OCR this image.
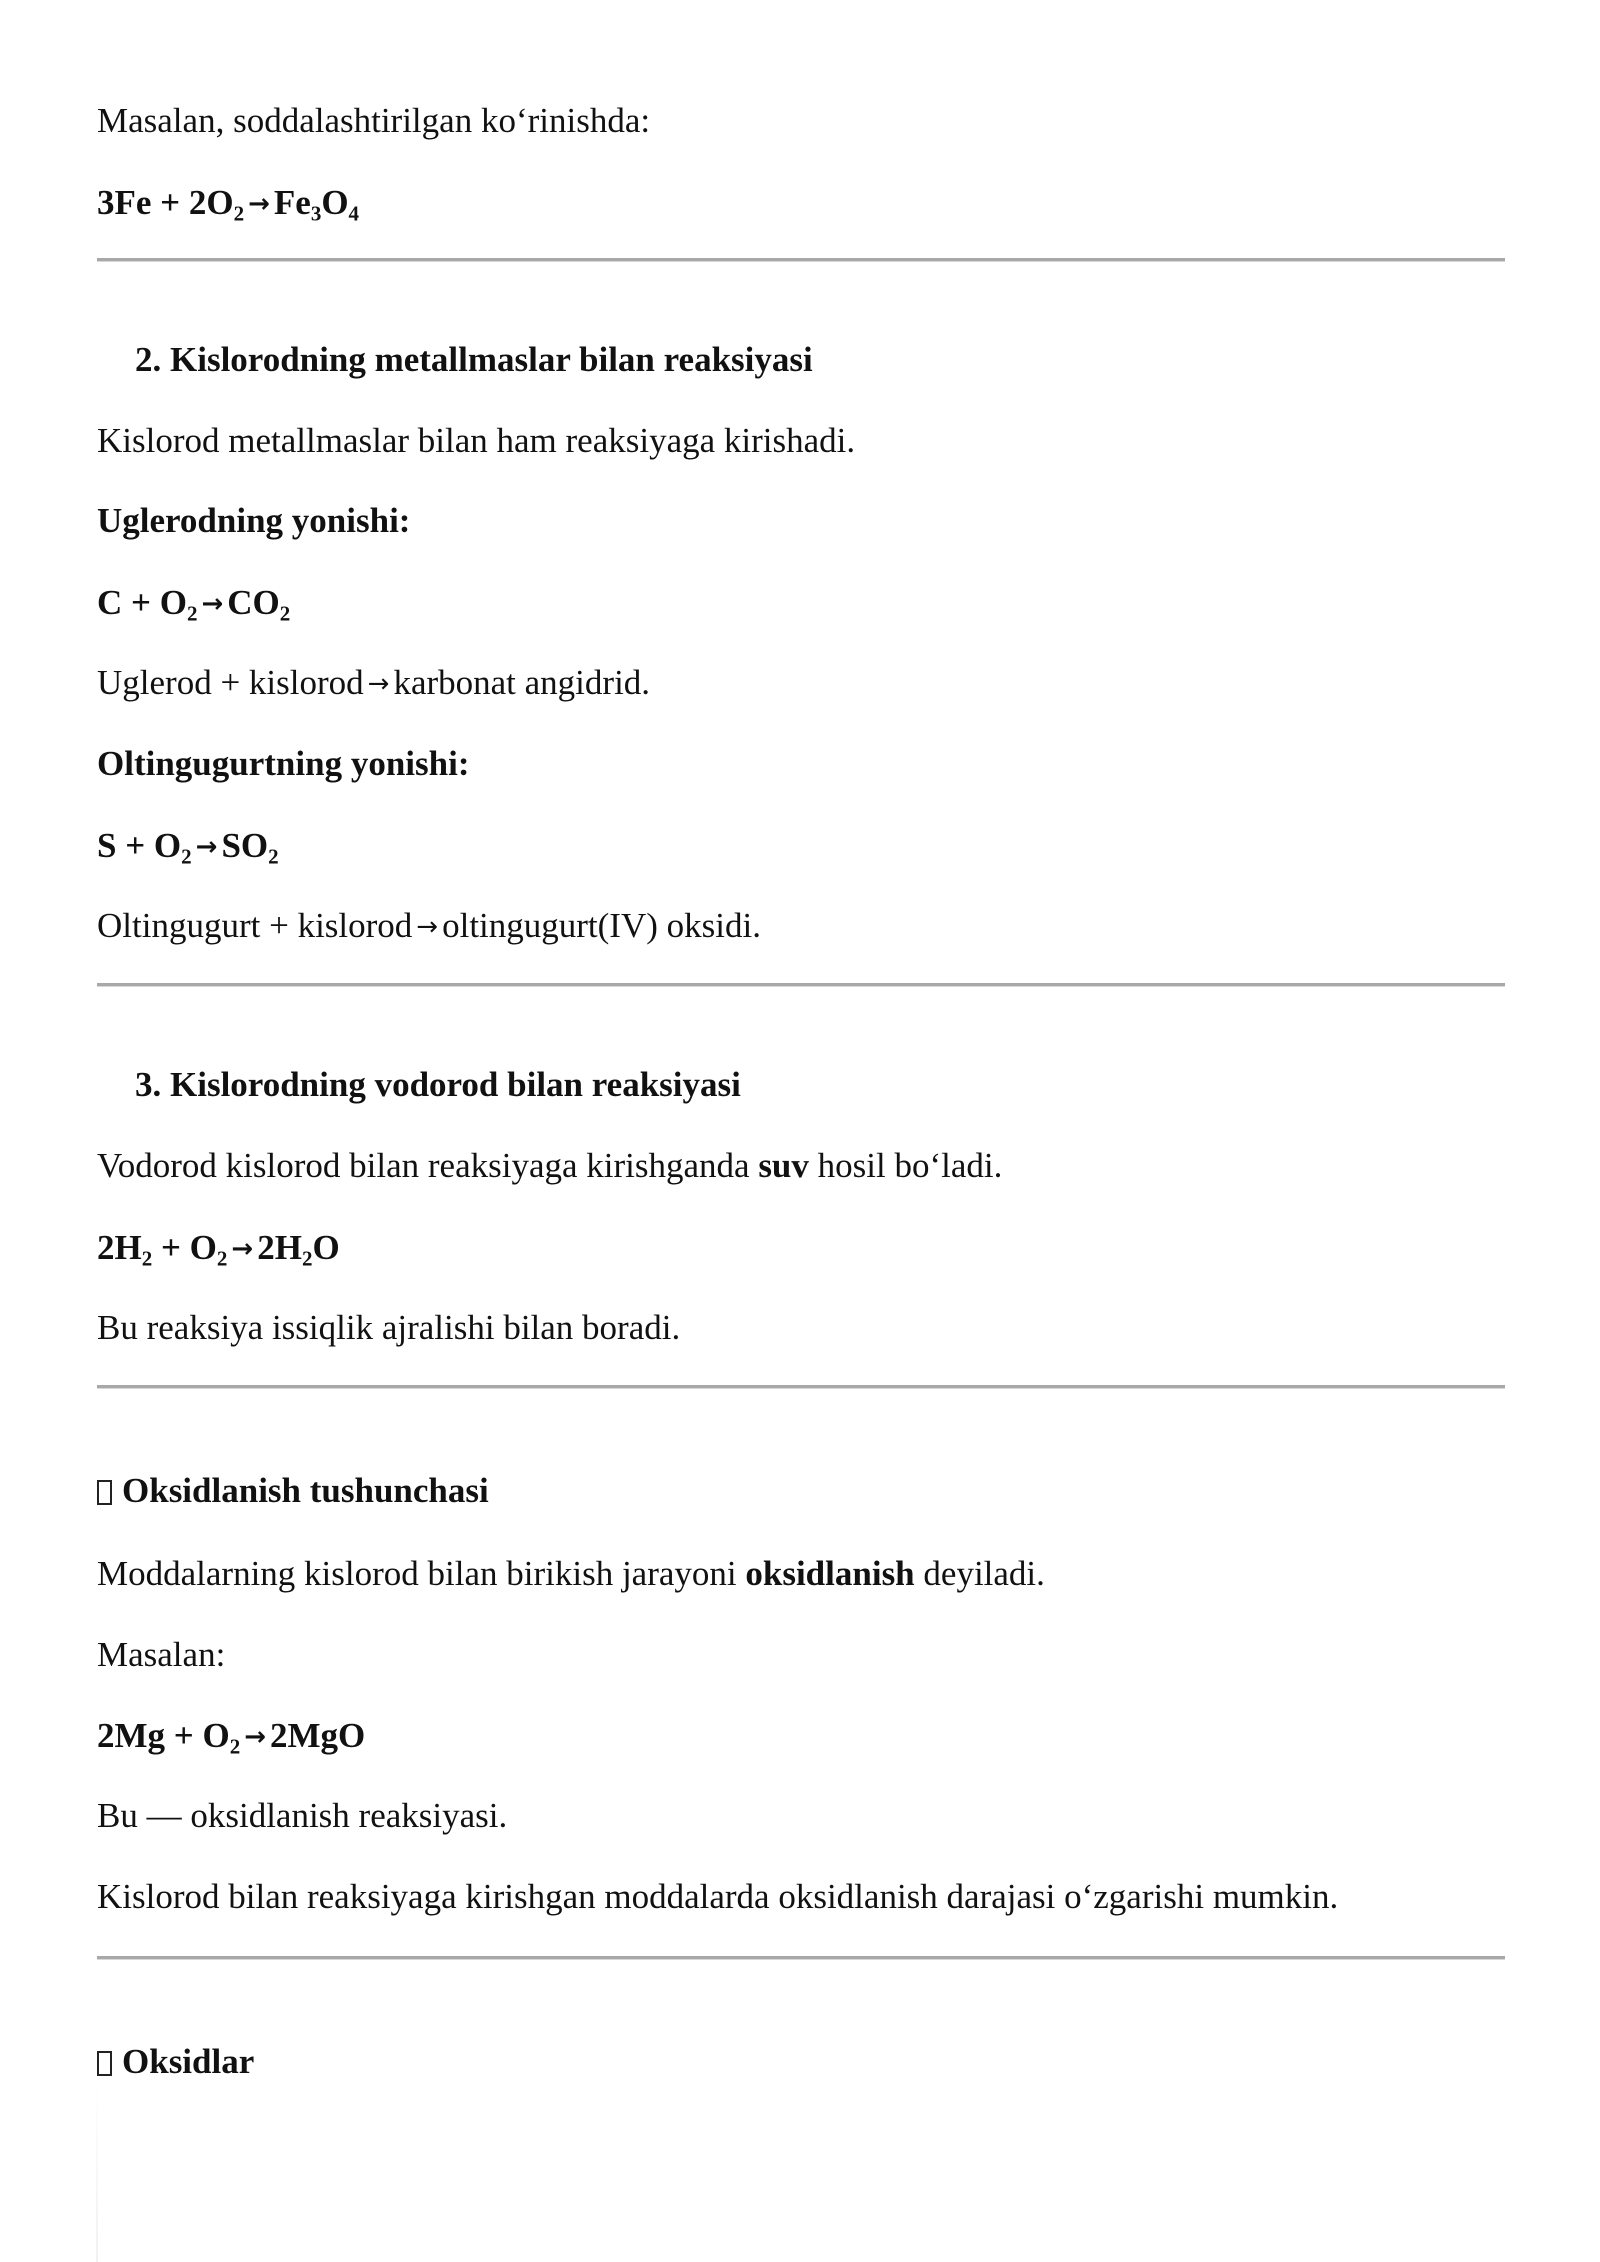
Masalan, soddalashtirilgan ko‘rinishda:
$3Fe + 2O_2 \to Fe_3O_4$
2. Kislorodning metallmaslar bilan reaksiyasi
Kislorod metallmaslar bilan ham reaksiyaga kirishadi.
Uglerodning yonishi:
$C + O_2 \to CO_2$
Uglerod + kislorod → karbonat angidrid.
Oltingugurtning yonishi:
$S + O_2 \to SO_2$
Oltingugurt + kislorod → oltingugurt(IV) oksidi.
3. Kislorodning vodorod bilan reaksiyasi
Vodorod kislorod bilan reaksiyaga kirishganda suv hosil bo‘ladi.
$2H_2 + O_2 \to 2H_2O$
Bu reaksiya issiqlik ajralishi bilan boradi.
Oksidlanish tushunchasi
Moddalarning kislorod bilan birikish jarayoni oksidlanish deyiladi.
Masalan:
$2Mg + O_2 \to 2MgO$
Bu — oksidlanish reaksiyasi.
Kislorod bilan reaksiyaga kirishgan moddalarda oksidlanish darajasi o‘zgarishi mumkin.
Oksidlar
